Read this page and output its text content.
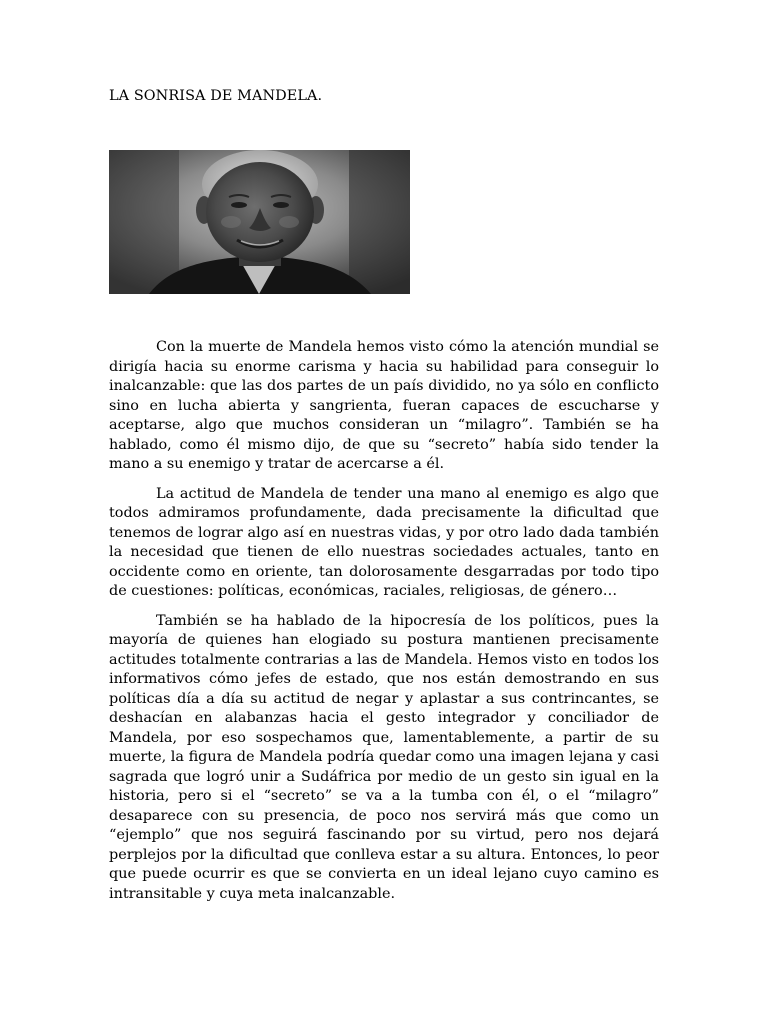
LA SONRISA DE MANDELA.

Con la muerte de Mandela hemos visto cómo la atención mundial se dirigía hacia su enorme carisma y hacia su habilidad para conseguir lo inalcanzable: que las dos partes de un país dividido, no ya sólo en conflicto sino en lucha abierta y sangrienta, fueran capaces de escucharse y aceptarse, algo que muchos consideran un “milagro”. También se ha hablado, como él mismo dijo, de que su “secreto” había sido tender la mano a su enemigo y tratar de acercarse a él.

La actitud de Mandela de tender una mano al enemigo es algo que todos admiramos profundamente, dada precisamente la dificultad que tenemos de lograr algo así en nuestras vidas, y por otro lado dada también la necesidad que tienen de ello nuestras sociedades actuales, tanto en occidente como en oriente, tan dolorosamente desgarradas por todo tipo de cuestiones: políticas, económicas, raciales, religiosas, de género…

También se ha hablado de la hipocresía de los políticos, pues la mayoría de quienes han elogiado su postura mantienen precisamente actitudes totalmente contrarias a las de Mandela. Hemos visto en todos los informativos cómo jefes de estado, que nos están demostrando en sus políticas día a día su actitud de negar y aplastar a sus contrincantes, se deshacían en alabanzas hacia el gesto integrador y conciliador de Mandela, por eso sospechamos que, lamentablemente, a partir de su muerte, la figura de Mandela podría quedar como una imagen lejana y casi sagrada que logró unir a Sudáfrica por medio de un gesto sin igual en la historia, pero si el “secreto” se va a la tumba con él, o el “milagro” desaparece con su presencia, de poco nos servirá más que como un “ejemplo” que nos seguirá fascinando por su virtud, pero nos dejará perplejos por la dificultad que conlleva estar a su altura. Entonces, lo peor que puede ocurrir es que se convierta en un ideal lejano cuyo camino es intransitable y cuya meta inalcanzable.
